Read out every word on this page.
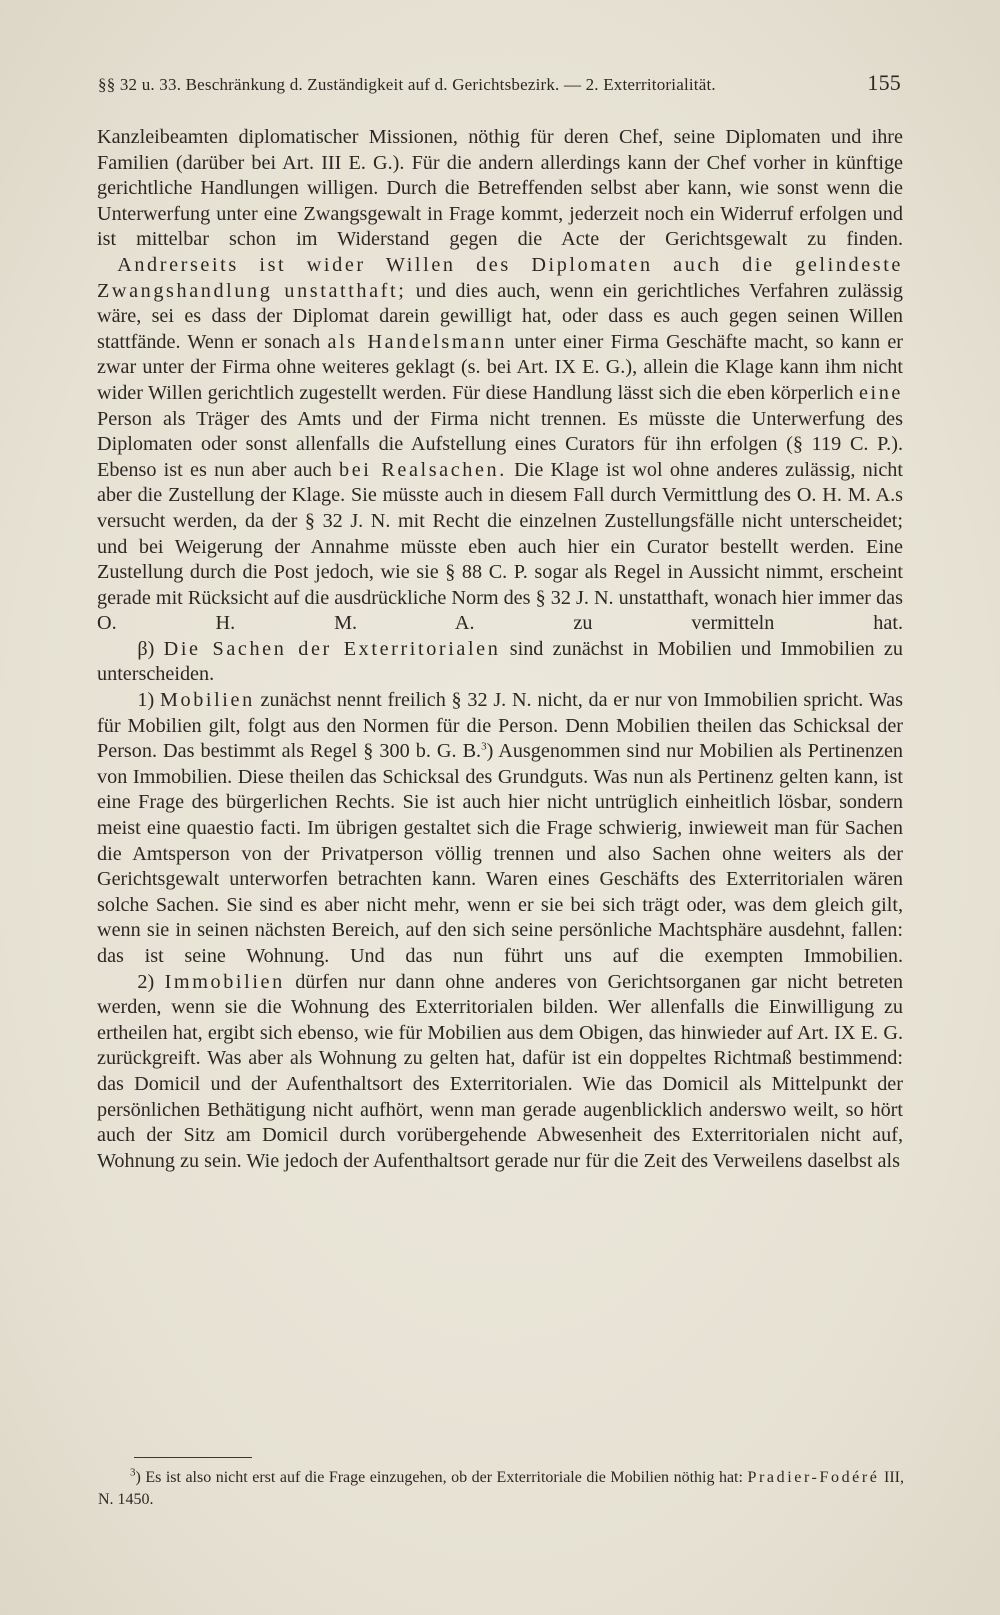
§§ 32 u. 33. Beschränkung d. Zuständigkeit auf d. Gerichtsbezirk. — 2. Exterritorialität.	155

Kanzleibeamten diplomatischer Missionen, nöthig für deren Chef, seine Diplomaten und ihre Familien (darüber bei Art. III E. G.). Für die andern allerdings kann der Chef vorher in künftige gerichtliche Handlungen willigen. Durch die Betreffenden selbst aber kann, wie sonst wenn die Unterwerfung unter eine Zwangsgewalt in Frage kommt, jederzeit noch ein Widerruf erfolgen und ist mittelbar schon im Widerstand gegen die Acte der Gerichtsgewalt zu finden.

 Andrerseits ist wider Willen des Diplomaten auch die gelindeste Zwangshandlung unstatthaft; und dies auch, wenn ein gerichtliches Verfahren zulässig wäre, sei es dass der Diplomat darein gewilligt hat, oder dass es auch gegen seinen Willen stattfände. Wenn er sonach als Handelsmann unter einer Firma Geschäfte macht, so kann er zwar unter der Firma ohne weiteres geklagt (s. bei Art. IX E. G.), allein die Klage kann ihm nicht wider Willen gerichtlich zugestellt werden. Für diese Handlung lässt sich die eben körperlich eine Person als Träger des Amts und der Firma nicht trennen. Es müsste die Unterwerfung des Diplomaten oder sonst allenfalls die Aufstellung eines Curators für ihn erfolgen (§ 119 C. P.). Ebenso ist es nun aber auch bei Realsachen. Die Klage ist wol ohne anderes zulässig, nicht aber die Zustellung der Klage. Sie müsste auch in diesem Fall durch Vermittlung des O. H. M. A.s versucht werden, da der § 32 J. N. mit Recht die einzelnen Zustellungsfälle nicht unterscheidet; und bei Weigerung der Annahme müsste eben auch hier ein Curator bestellt werden. Eine Zustellung durch die Post jedoch, wie sie § 88 C. P. sogar als Regel in Aussicht nimmt, erscheint gerade mit Rücksicht auf die ausdrückliche Norm des § 32 J. N. unstatthaft, wonach hier immer das O. H. M. A. zu vermitteln hat.

  β) Die Sachen der Exterritorialen sind zunächst in Mobilien und Immobilien zu unterscheiden.

  1) Mobilien zunächst nennt freilich § 32 J. N. nicht, da er nur von Immobilien spricht. Was für Mobilien gilt, folgt aus den Normen für die Person. Denn Mobilien theilen das Schicksal der Person. Das bestimmt als Regel § 300 b. G. B.$^3$) Ausgenommen sind nur Mobilien als Pertinenzen von Immobilien. Diese theilen das Schicksal des Grundguts. Was nun als Pertinenz gelten kann, ist eine Frage des bürgerlichen Rechts. Sie ist auch hier nicht untrüglich einheitlich lösbar, sondern meist eine quaestio facti. Im übrigen gestaltet sich die Frage schwierig, inwieweit man für Sachen die Amtsperson von der Privatperson völlig trennen und also Sachen ohne weiters als der Gerichtsgewalt unterworfen betrachten kann. Waren eines Geschäfts des Exterritorialen wären solche Sachen. Sie sind es aber nicht mehr, wenn er sie bei sich trägt oder, was dem gleich gilt, wenn sie in seinen nächsten Bereich, auf den sich seine persönliche Machtsphäre ausdehnt, fallen: das ist seine Wohnung. Und das nun führt uns auf die exempten Immobilien.

  2) Immobilien dürfen nur dann ohne anderes von Gerichtsorganen gar nicht betreten werden, wenn sie die Wohnung des Exterritorialen bilden. Wer allenfalls die Einwilligung zu ertheilen hat, ergibt sich ebenso, wie für Mobilien aus dem Obigen, das hinwieder auf Art. IX E. G. zurückgreift. Was aber als Wohnung zu gelten hat, dafür ist ein doppeltes Richtmaß bestimmend: das Domicil und der Aufenthaltsort des Exterritorialen. Wie das Domicil als Mittelpunkt der persönlichen Bethätigung nicht aufhört, wenn man gerade augenblicklich anderswo weilt, so hört auch der Sitz am Domicil durch vorübergehende Abwesenheit des Exterritorialen nicht auf, Wohnung zu sein. Wie jedoch der Aufenthaltsort gerade nur für die Zeit des Verweilens daselbst als

  $^3$) Es ist also nicht erst auf die Frage einzugehen, ob der Exterritoriale die Mobilien nöthig hat: Pradier-Fodéré III, N. 1450.
